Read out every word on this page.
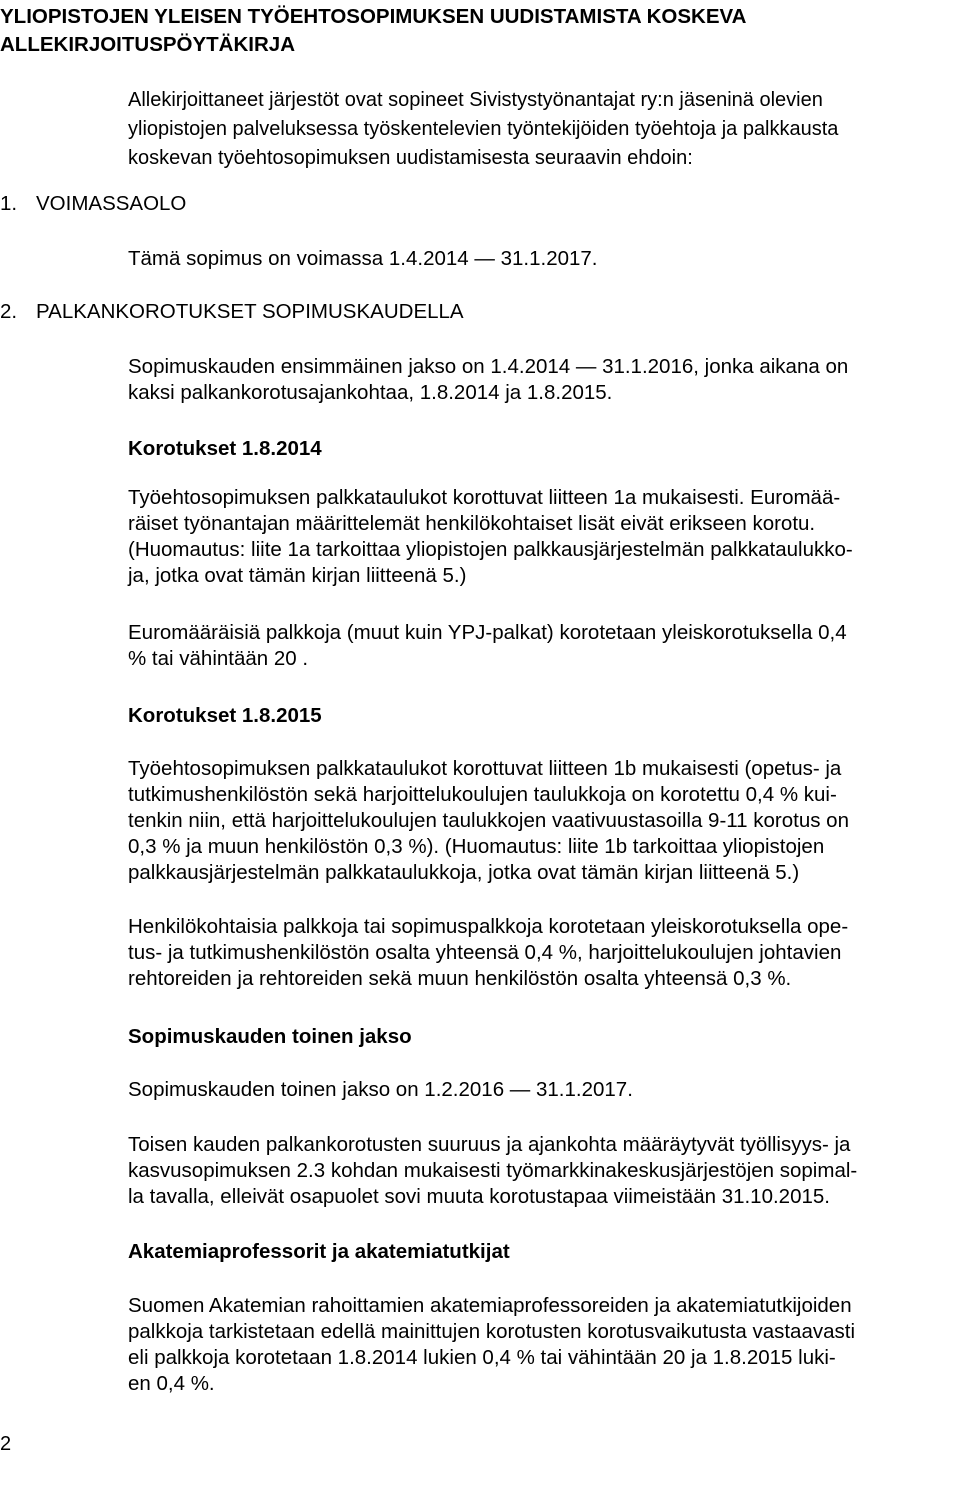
YLIOPISTOJEN YLEISEN TYÖEHTOSOPIMUKSEN UUDISTAMISTA KOSKEVA
ALLEKIRJOITUSPÖYTÄKIRJA

Allekirjoittaneet järjestöt ovat sopineet Sivistystyönantajat ry:n jäseninä olevien
yliopistojen palveluksessa työskentelevien työntekijöiden työehtoja ja palkkausta
koskevan työehtosopimuksen uudistamisesta seuraavin ehdoin:

1. VOIMASSAOLO

Tämä sopimus on voimassa 1.4.2014 — 31.1.2017.

2. PALKANKOROTUKSET SOPIMUSKAUDELLA

Sopimuskauden ensimmäinen jakso on 1.4.2014 — 31.1.2016, jonka aikana on
kaksi palkankorotusajankohtaa, 1.8.2014 ja 1.8.2015.

Korotukset 1.8.2014

Työehtosopimuksen palkkataulukot korottuvat liitteen 1a mukaisesti. Euromää-
räiset työnantajan määrittelemät henkilökohtaiset lisät eivät erikseen korotu.
(Huomautus: liite 1a tarkoittaa yliopistojen palkkausjärjestelmän palkkataulukko-
ja, jotka ovat tämän kirjan liitteenä 5.)

Euromääräisiä palkkoja (muut kuin YPJ-palkat) korotetaan yleiskorotuksella 0,4
% tai vähintään 20 .

Korotukset 1.8.2015

Työehtosopimuksen palkkataulukot korottuvat liitteen 1b mukaisesti (opetus- ja
tutkimushenkilöstön sekä harjoittelukoulujen taulukkoja on korotettu 0,4 % kui-
tenkin niin, että harjoittelukoulujen taulukkojen vaativuustasoilla 9-11 korotus on
0,3 % ja muun henkilöstön 0,3 %). (Huomautus: liite 1b tarkoittaa yliopistojen
palkkausjärjestelmän palkkataulukkoja, jotka ovat tämän kirjan liitteenä 5.)

Henkilökohtaisia palkkoja tai sopimuspalkkoja korotetaan yleiskorotuksella ope-
tus- ja tutkimushenkilöstön osalta yhteensä 0,4 %, harjoittelukoulujen johtavien
rehtoreiden ja rehtoreiden sekä muun henkilöstön osalta yhteensä 0,3 %.

Sopimuskauden toinen jakso

Sopimuskauden toinen jakso on 1.2.2016 — 31.1.2017.

Toisen kauden palkankorotusten suuruus ja ajankohta määräytyvät työllisyys- ja
kasvusopimuksen 2.3 kohdan mukaisesti työmarkkinakeskusjärjestöjen sopimal-
la tavalla, elleivät osapuolet sovi muuta korotustapaa viimeistään 31.10.2015.

Akatemiaprofessorit ja akatemiatutkijat

Suomen Akatemian rahoittamien akatemiaprofessoreiden ja akatemiatutkijoiden
palkkoja tarkistetaan edellä mainittujen korotusten korotusvaikutusta vastaavasti
eli palkkoja korotetaan 1.8.2014 lukien 0,4 % tai vähintään 20 ja 1.8.2015 luki-
en 0,4 %.

2
